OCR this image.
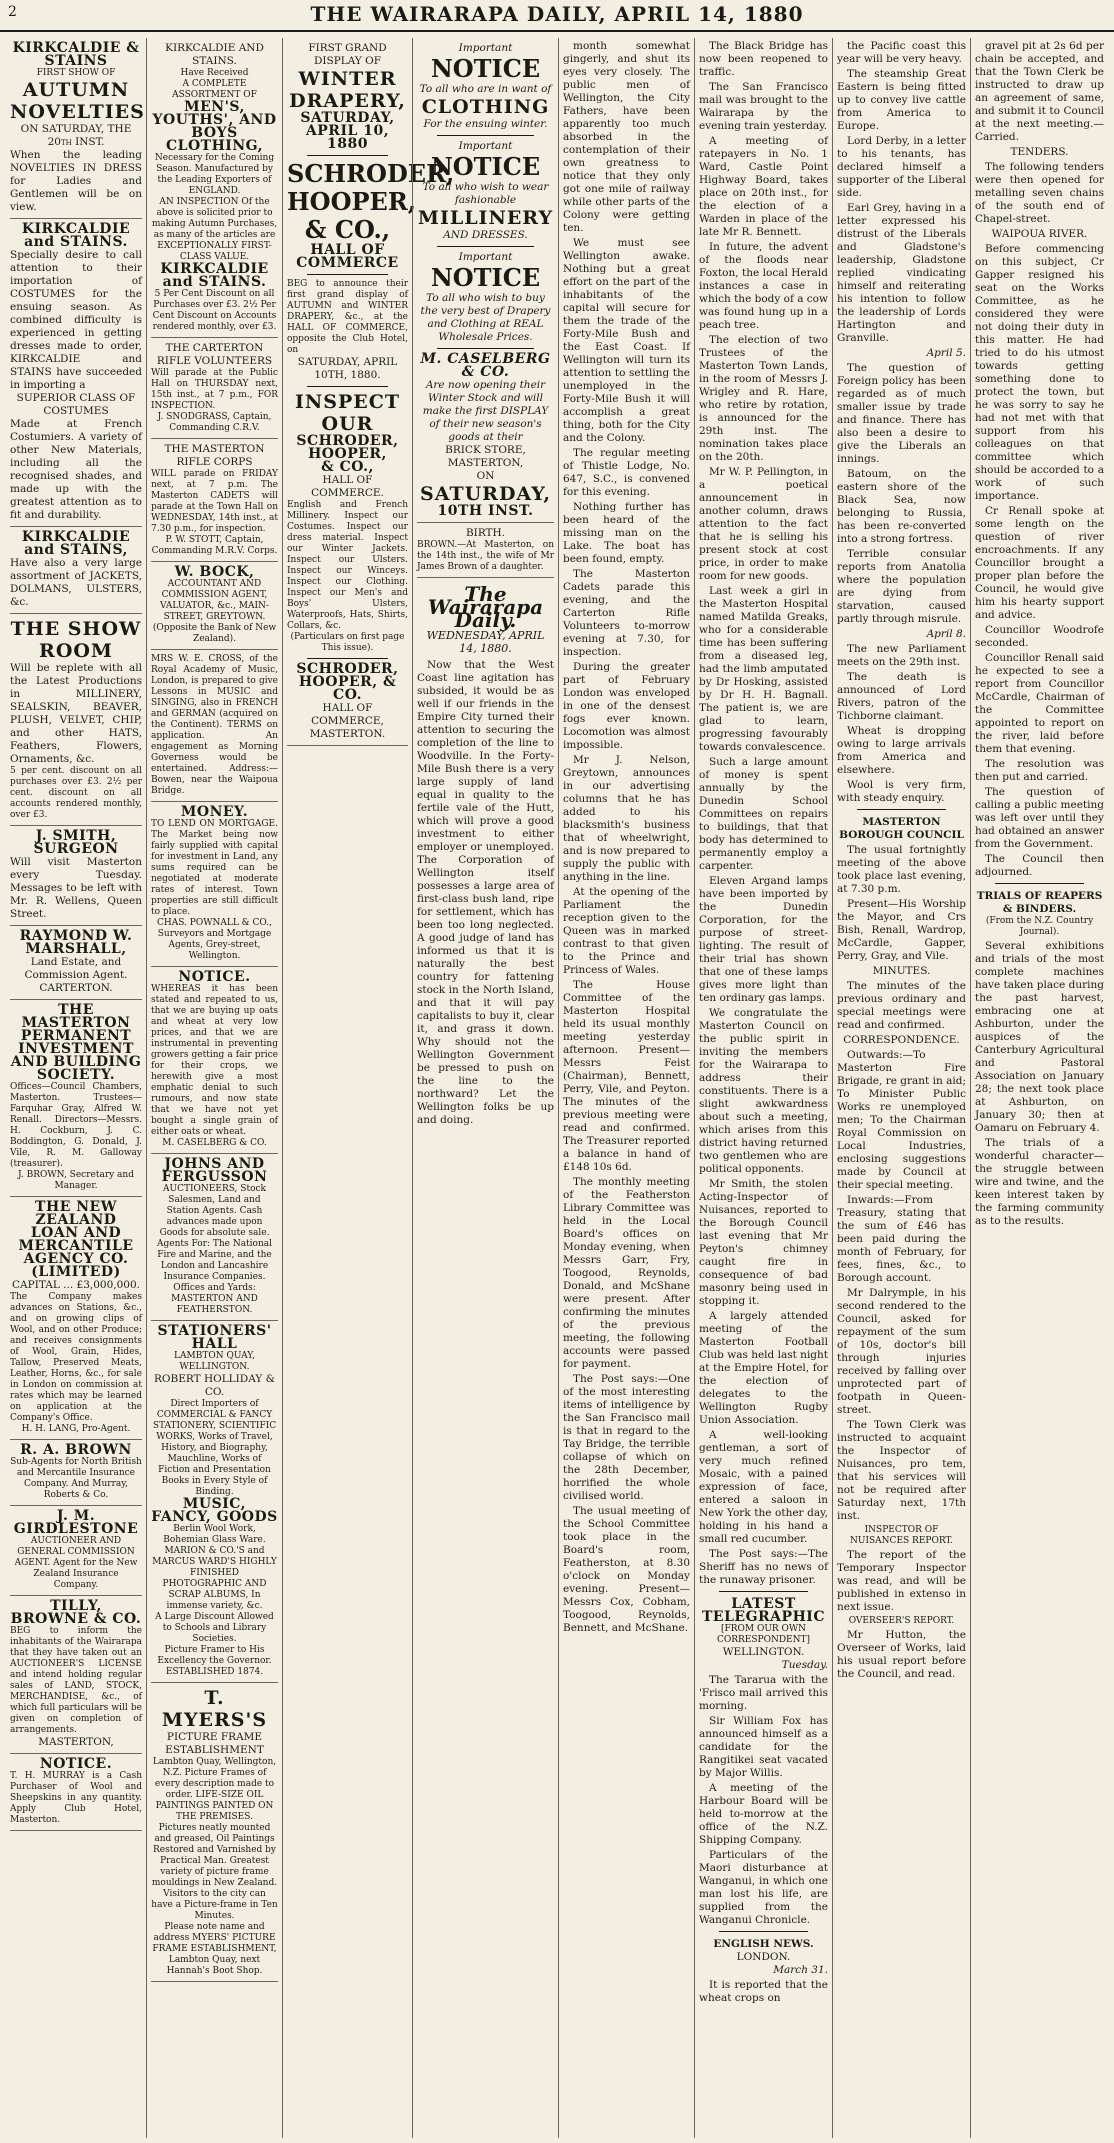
2	THE WAIRARAPA DAILY, APRIL 14, 1880
KIRKCALDIE & STAINS
FIRST SHOW OF
AUTUMN NOVELTIES
ON SATURDAY, THE 20th INST.
When the leading NOVELTIES IN DRESS for Ladies and Gentlemen will be on view.
KIRKCALDIE and STAINS.
Specially desire to call attention to their importation of COSTUMES for the ensuing season. As combined difficulty is experienced in getting dresses made to order, KIRKCALDIE and STAINS have succeeded in importing a
SUPERIOR CLASS OF COSTUMES
Made at French Costumiers. A variety of other New Materials, including all the recognised shades, and made up with the greatest attention as to fit and durability.
KIRKCALDIE and STAINS,
Have also a very large assortment of JACKETS, DOLMANS, ULSTERS, &c.
THE SHOW ROOM
Will be replete with all the Latest Productions in MILLINERY, SEALSKIN, BEAVER, PLUSH, VELVET, CHIP, and other HATS, Feathers, Flowers, Ornaments, &c.
5 per cent. discount on all purchases over £3. 2½ per cent. discount on all accounts rendered monthly, over £3.
J. SMITH, SURGEON
Will visit Masterton every Tuesday. Messages to be left with Mr. R. Wellens, Queen Street.
RAYMOND W. MARSHALL,
Land Estate, and Commission Agent.
CARTERTON.
THE MASTERTON PERMANENT INVESTMENT AND BUILDING SOCIETY.
Offices—Council Chambers, Masterton. Trustees—Farquhar Gray, Alfred W. Renall. Directors—Messrs. H. Cockburn, J. C. Boddington, G. Donald, J. Vile, R. M. Galloway (treasurer).
J. BROWN, Secretary and Manager.
THE NEW ZEALAND LOAN AND MERCANTILE AGENCY CO. (LIMITED)
CAPITAL ... £3,000,000.
The Company makes advances on Stations, &c., and on growing clips of Wool, and on other Produce; and receives consignments of Wool, Grain, Hides, Tallow, Preserved Meats, Leather, Horns, &c., for sale in London on commission at rates which may be learned on application at the Company's Office.
H. H. LANG, Pro-Agent.
R. A. BROWN
Sub-Agents for North British and Mercantile Insurance Company. And Murray, Roberts & Co.
J. M. GIRDLESTONE
AUCTIONEER AND GENERAL COMMISSION AGENT. Agent for the New Zealand Insurance Company.
TILLY, BROWNE & CO.
BEG to inform the inhabitants of the Wairarapa that they have taken out an AUCTIONEER'S LICENSE and intend holding regular sales of LAND, STOCK, MERCHANDISE, &c., of which full particulars will be given on completion of arrangements.
MASTERTON,
NOTICE.
T. H. MURRAY is a Cash Purchaser of Wool and Sheepskins in any quantity. Apply Club Hotel, Masterton.
KIRKCALDIE AND STAINS.
Have Received
A COMPLETE ASSORTMENT OF
MEN'S, YOUTHS', AND BOYS
CLOTHING,
Necessary for the Coming Season. Manufactured by the Leading Exporters of ENGLAND.
AN INSPECTION Of the above is solicited prior to making Autumn Purchases, as many of the articles are EXCEPTIONALLY FIRST-CLASS VALUE.
KIRKCALDIE and STAINS.
5 Per Cent Discount on all Purchases over £3. 2½ Per Cent Discount on Accounts rendered monthly, over £3.
THE CARTERTON RIFLE VOLUNTEERS
Will parade at the Public Hall on THURSDAY next, 15th inst., at 7 p.m., FOR INSPECTION.
J. SNODGRASS, Captain, Commanding C.R.V.
THE MASTERTON RIFLE CORPS
WILL parade on FRIDAY next, at 7 p.m. The Masterton CADETS will parade at the Town Hall on WEDNESDAY, 14th inst., at 7.30 p.m., for inspection.
P. W. STOTT, Captain, Commanding M.R.V. Corps.
W. BOCK,
ACCOUNTANT AND COMMISSION AGENT, VALUATOR, &c., MAIN-STREET, GREYTOWN.
(Opposite the Bank of New Zealand).
MRS W. E. CROSS, of the Royal Academy of Music, London, is prepared to give Lessons in MUSIC and SINGING, also in FRENCH and GERMAN (acquired on the Continent). TERMS on application. An engagement as Morning Governess would be entertained. Address:—Bowen, near the Waipoua Bridge.
MONEY.
TO LEND ON MORTGAGE. The Market being now fairly supplied with capital for investment in Land, any sums required can be negotiated at moderate rates of interest. Town properties are still difficult to place.
CHAS. POWNALL & CO., Surveyors and Mortgage Agents, Grey-street, Wellington.
NOTICE.
WHEREAS it has been stated and repeated to us, that we are buying up oats and wheat at very low prices, and that we are instrumental in preventing growers getting a fair price for their crops, we herewith give a most emphatic denial to such rumours, and now state that we have not yet bought a single grain of either oats or wheat.
M. CASELBERG & CO.
JOHNS AND FERGUSSON
AUCTIONEERS, Stock Salesmen, Land and Station Agents. Cash advances made upon Goods for absolute sale. Agents For: The National Fire and Marine, and the London and Lancashire Insurance Companies. Offices and Yards: MASTERTON AND FEATHERSTON.
STATIONERS' HALL
LAMBTON QUAY, WELLINGTON.
ROBERT HOLLIDAY & CO.
Direct Importers of COMMERCIAL & FANCY STATIONERY, SCIENTIFIC WORKS, Works of Travel, History, and Biography, Mauchline, Works of Fiction and Presentation Books in Every Style of Binding.
MUSIC, FANCY, GOODS
Berlin Wool Work, Bohemian Glass Ware.
MARION & CO.'S and MARCUS WARD'S HIGHLY FINISHED PHOTOGRAPHIC AND SCRAP ALBUMS, In immense variety, &c.
A Large Discount Allowed to Schools and Library Societies.
Picture Framer to His Excellency the Governor.
ESTABLISHED 1874.
T. MYERS'S
PICTURE FRAME ESTABLISHMENT
Lambton Quay, Wellington, N.Z. Picture Frames of every description made to order. LIFE-SIZE OIL PAINTINGS PAINTED ON THE PREMISES.
Pictures neatly mounted and greased, Oil Paintings Restored and Varnished by Practical Man. Greatest variety of picture frame mouldings in New Zealand.
Visitors to the city can have a Picture-frame in Ten Minutes.
Please note name and address MYERS' PICTURE FRAME ESTABLISHMENT, Lambton Quay, next Hannah's Boot Shop.
FIRST GRAND DISPLAY OF
WINTER DRAPERY,
SATURDAY, APRIL 10, 1880
SCHRODER,
HOOPER,
& CO.,
HALL OF COMMERCE
BEG to announce their first grand display of AUTUMN and WINTER DRAPERY, &c., at the HALL OF COMMERCE, opposite the Club Hotel, on
SATURDAY, APRIL 10TH, 1880.
INSPECT OUR
SCHRODER,
HOOPER,
& CO.,
HALL OF COMMERCE.
English and French Millinery. Inspect our Costumes. Inspect our dress material. Inspect our Winter Jackets. Inspect our Ulsters. Inspect our Winceys. Inspect our Clothing. Inspect our Men's and Boys' Ulsters, Waterproofs, Hats, Shirts, Collars, &c.
(Particulars on first page This issue).
SCHRODER, HOOPER, & CO.
HALL OF COMMERCE,
MASTERTON.
Important
NOTICE
To all who are in want of
CLOTHING
For the ensuing winter.
Important
NOTICE
To all who wish to wear fashionable
MILLINERY
AND DRESSES.
Important
NOTICE
To all who wish to buy the very best of Drapery and Clothing at REAL Wholesale Prices.
M. CASELBERG & CO.
Are now opening their Winter Stock and will make the first DISPLAY of their new season's goods at their
BRICK STORE, MASTERTON,
ON
SATURDAY,
10TH INST.
BIRTH.
BROWN.—At Masterton, on the 14th inst., the wife of Mr James Brown of a daughter.
The Wairarapa Daily.
WEDNESDAY, APRIL 14, 1880.

Now that the West Coast line agitation has subsided, it would be as well if our friends in the Empire City turned their attention to securing the completion of the line to Woodville. In the Forty-Mile Bush there is a very large supply of land equal in quality to the fertile vale of the Hutt, which will prove a good investment to either employer or unemployed. The Corporation of Wellington itself possesses a large area of first-class bush land, ripe for settlement, which has been too long neglected. A good judge of land has informed us that it is naturally the best country for fattening stock in the North Island, and that it will pay capitalists to buy it, clear it, and grass it down. Why should not the Wellington Government be pressed to push on the line to the northward? Let the Wellington folks be up and doing.

month somewhat gingerly, and shut its eyes very closely. The public men of Wellington, the City Fathers, have been apparently too much absorbed in the contemplation of their own greatness to notice that they only got one mile of railway while other parts of the Colony were getting ten.

We must see Wellington awake. Nothing but a great effort on the part of the inhabitants of the capital will secure for them the trade of the Forty-Mile Bush and the East Coast. If Wellington will turn its attention to settling the unemployed in the Forty-Mile Bush it will accomplish a great thing, both for the City and the Colony.

The regular meeting of Thistle Lodge, No. 647, S.C., is convened for this evening.

Nothing further has been heard of the missing man on the Lake. The boat has been found, empty.

The Masterton Cadets parade this evening, and the Carterton Rifle Volunteers to-morrow evening at 7.30, for inspection.

During the greater part of February London was enveloped in one of the densest fogs ever known. Locomotion was almost impossible.

Mr J. Nelson, Greytown, announces in our advertising columns that he has added to his blacksmith's business that of wheelwright, and is now prepared to supply the public with anything in the line.

At the opening of the Parliament the reception given to the Queen was in marked contrast to that given to the Prince and Princess of Wales.

The House Committee of the Masterton Hospital held its usual monthly meeting yesterday afternoon. Present—Messrs Feist (Chairman), Bennett, Perry, Vile, and Peyton. The minutes of the previous meeting were read and confirmed. The Treasurer reported a balance in hand of £148 10s 6d.

The monthly meeting of the Featherston Library Committee was held in the Local Board's offices on Monday evening, when Messrs Garr, Fry, Toogood, Reynolds, Donald, and McShane were present. After confirming the minutes of the previous meeting, the following accounts were passed for payment.

The Post says:—One of the most interesting items of intelligence by the San Francisco mail is that in regard to the Tay Bridge, the terrible collapse of which on the 28th December, horrified the whole civilised world.

The usual meeting of the School Committee took place in the Board's room, Featherston, at 8.30 o'clock on Monday evening. Present—Messrs Cox, Cobham, Toogood, Reynolds, Bennett, and McShane.

The Black Bridge has now been reopened to traffic.

The San Francisco mail was brought to the Wairarapa by the evening train yesterday.

A meeting of ratepayers in No. 1 Ward, Castle Point Highway Board, takes place on 20th inst., for the election of a Warden in place of the late Mr R. Bennett.

In future, the advent of the floods near Foxton, the local Herald instances a case in which the body of a cow was found hung up in a peach tree.

The election of two Trustees of the Masterton Town Lands, in the room of Messrs J. Wrigley and R. Hare, who retire by rotation, is announced for the 29th inst. The nomination takes place on the 20th.

Mr W. P. Pellington, in a poetical announcement in another column, draws attention to the fact that he is selling his present stock at cost price, in order to make room for new goods.

Last week a girl in the Masterton Hospital named Matilda Greaks, who for a considerable time has been suffering from a diseased leg, had the limb amputated by Dr Hosking, assisted by Dr H. H. Bagnall. The patient is, we are glad to learn, progressing favourably towards convalescence.

Such a large amount of money is spent annually by the Dunedin School Committees on repairs to buildings, that that body has determined to permanently employ a carpenter.

Eleven Argand lamps have been imported by the Dunedin Corporation, for the purpose of street-lighting. The result of their trial has shown that one of these lamps gives more light than ten ordinary gas lamps.

We congratulate the Masterton Council on the public spirit in inviting the members for the Wairarapa to address their constituents. There is a slight awkwardness about such a meeting, which arises from this district having returned two gentlemen who are political opponents.

Mr Smith, the stolen Acting-Inspector of Nuisances, reported to the Borough Council last evening that Mr Peyton's chimney caught fire in consequence of bad masonry being used in stopping it.

A largely attended meeting of the Masterton Football Club was held last night at the Empire Hotel, for the election of delegates to the Wellington Rugby Union Association.

A well-looking gentleman, a sort of very much refined Mosaic, with a pained expression of face, entered a saloon in New York the other day, holding in his hand a small red cucumber.

The Post says:—The Sheriff has no news of the runaway prisoner.

LATEST TELEGRAPHIC
[FROM OUR OWN CORRESPONDENT]
WELLINGTON.
Tuesday.

The Tararua with the 'Frisco mail arrived this morning.

Sir William Fox has announced himself as a candidate for the Rangitikei seat vacated by Major Willis.

A meeting of the Harbour Board will be held to-morrow at the office of the N.Z. Shipping Company.

Particulars of the Maori disturbance at Wanganui, in which one man lost his life, are supplied from the Wanganui Chronicle.

ENGLISH NEWS.
LONDON.
March 31.

It is reported that the wheat crops on

the Pacific coast this year will be very heavy.

The steamship Great Eastern is being fitted up to convey live cattle from America to Europe.

Lord Derby, in a letter to his tenants, has declared himself a supporter of the Liberal side.

Earl Grey, having in a letter expressed his distrust of the Liberals and Gladstone's leadership, Gladstone replied vindicating himself and reiterating his intention to follow the leadership of Lords Hartington and Granville.

April 5.

The question of Foreign policy has been regarded as of much smaller issue by trade and finance. There has also been a desire to give the Liberals an innings.

Batoum, on the eastern shore of the Black Sea, now belonging to Russia, has been re-converted into a strong fortress.

Terrible consular reports from Anatolia where the population are dying from starvation, caused partly through misrule.

April 8.

The new Parliament meets on the 29th inst.

The death is announced of Lord Rivers, patron of the Tichborne claimant.

Wheat is dropping owing to large arrivals from America and elsewhere.

Wool is very firm, with steady enquiry.

MASTERTON BOROUGH COUNCIL

The usual fortnightly meeting of the above took place last evening, at 7.30 p.m.

Present—His Worship the Mayor, and Crs Bish, Renall, Wardrop, McCardle, Gapper, Perry, Gray, and Vile.

MINUTES.

The minutes of the previous ordinary and special meetings were read and confirmed.

CORRESPONDENCE.

Outwards:—To Masterton Fire Brigade, re grant in aid; To Minister Public Works re unemployed men; To the Chairman Royal Commission on Local Industries, enclosing suggestions made by Council at their special meeting.

Inwards:—From Treasury, stating that the sum of £46 has been paid during the month of February, for fees, fines, &c., to Borough account.

Mr Dalrymple, in his second rendered to the Council, asked for repayment of the sum of 10s, doctor's bill through injuries received by falling over unprotected part of footpath in Queen-street.

The Town Clerk was instructed to acquaint the Inspector of Nuisances, pro tem, that his services will not be required after Saturday next, 17th inst.

INSPECTOR OF NUISANCES REPORT.

The report of the Temporary Inspector was read, and will be published in extenso in next issue.

OVERSEER'S REPORT.

Mr Hutton, the Overseer of Works, laid his usual report before the Council, and read.

gravel pit at 2s 6d per chain be accepted, and that the Town Clerk be instructed to draw up an agreement of same, and submit it to Council at the next meeting.—Carried.

TENDERS.

The following tenders were then opened for metalling seven chains of the south end of Chapel-street.

WAIPOUA RIVER.

Before commencing on this subject, Cr Gapper resigned his seat on the Works Committee, as he considered they were not doing their duty in this matter. He had tried to do his utmost towards getting something done to protect the town, but he was sorry to say he had not met with that support from his colleagues on that committee which should be accorded to a work of such importance.

Cr Renall spoke at some length on the question of river encroachments. If any Councillor brought a proper plan before the Council, he would give him his hearty support and advice.

Councillor Woodrofe seconded.

Councillor Renall said he expected to see a report from Councillor McCardle, Chairman of the Committee appointed to report on the river, laid before them that evening.

The resolution was then put and carried.

The question of calling a public meeting was left over until they had obtained an answer from the Government.

The Council then adjourned.

TRIALS OF REAPERS & BINDERS.
(From the N.Z. Country Journal).

Several exhibitions and trials of the most complete machines have taken place during the past harvest, embracing one at Ashburton, under the auspices of the Canterbury Agricultural and Pastoral Association on January 28; the next took place at Ashburton, on January 30; then at Oamaru on February 4.

The trials of a wonderful character—the struggle between wire and twine, and the keen interest taken by the farming community as to the results.
